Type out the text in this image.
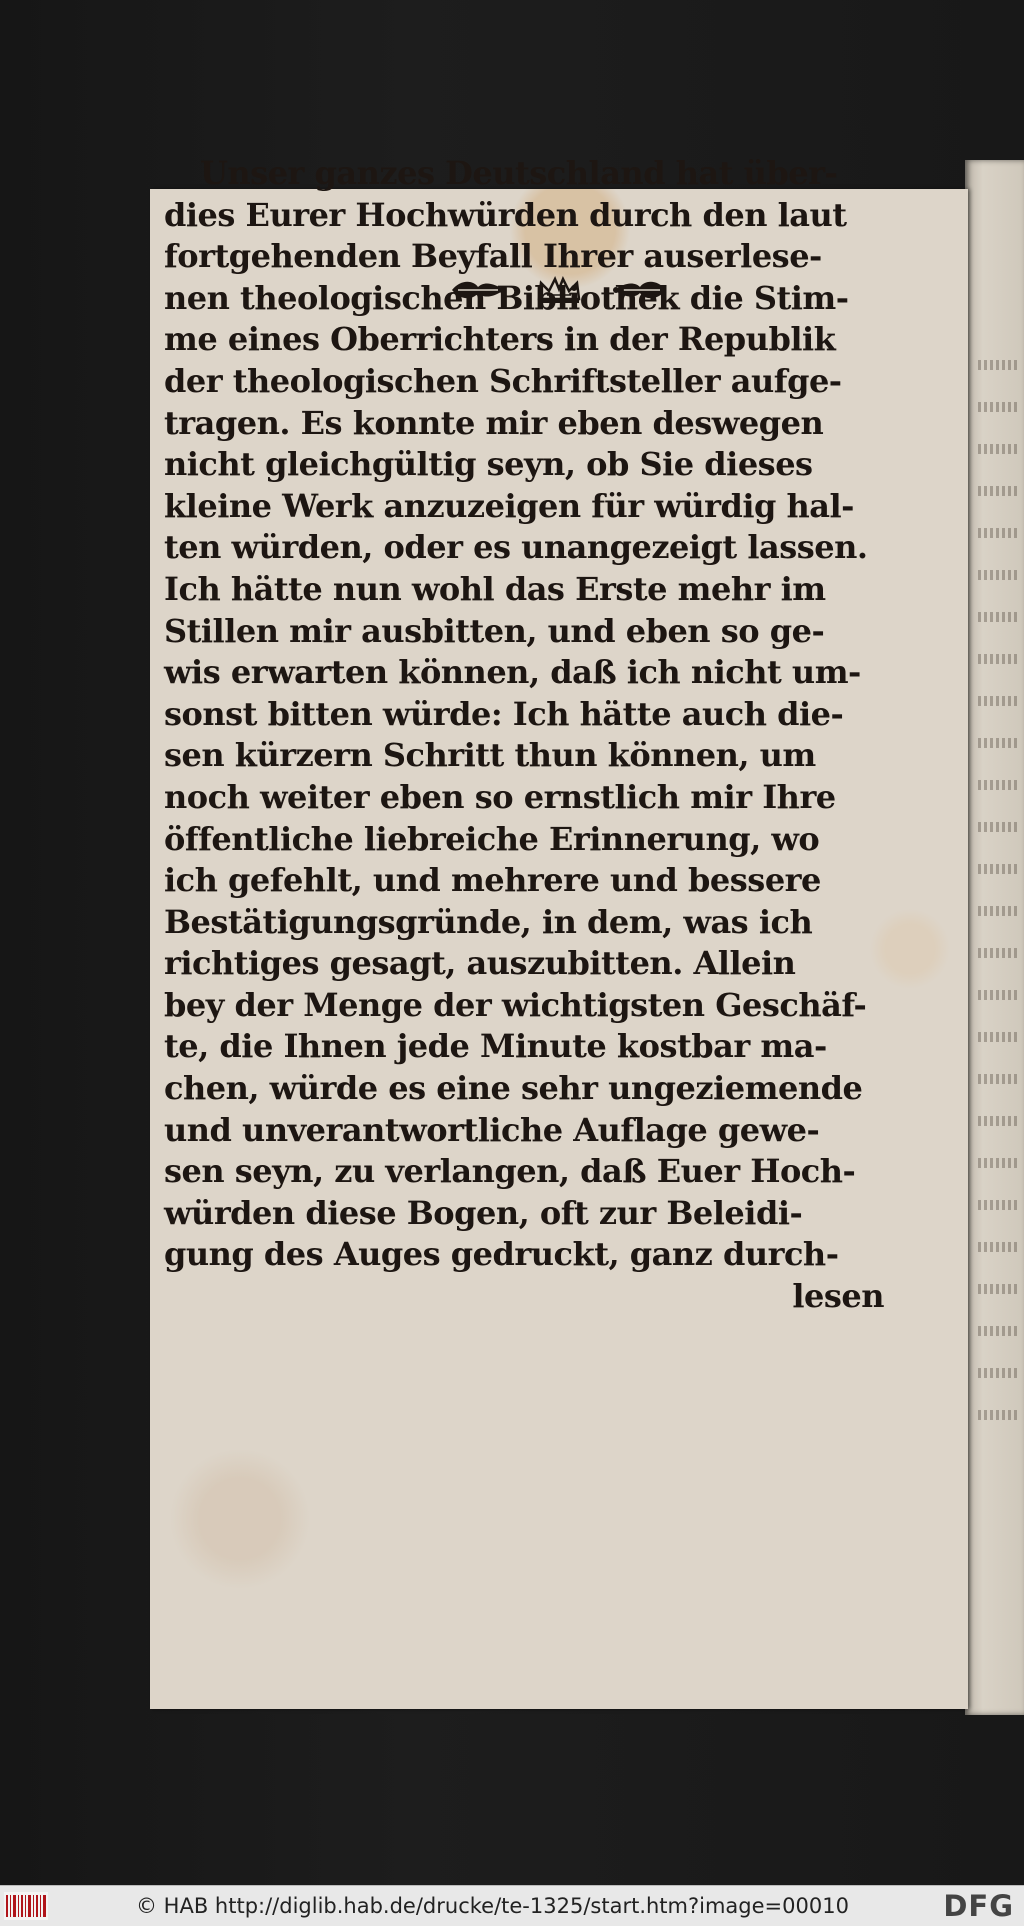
Unser ganzes Deutschland hat über-
dies Eurer Hochwürden durch den laut
fortgehenden Beyfall Ihrer auserlese-
nen theologischen Bibliothek die Stim-
me eines Oberrichters in der Republik
der theologischen Schriftsteller aufge-
tragen. Es konnte mir eben deswegen
nicht gleichgültig seyn, ob Sie dieses
kleine Werk anzuzeigen für würdig hal-
ten würden, oder es unangezeigt lassen.
Ich hätte nun wohl das Erste mehr im
Stillen mir ausbitten, und eben so ge-
wis erwarten können, daß ich nicht um-
sonst bitten würde: Ich hätte auch die-
sen kürzern Schritt thun können, um
noch weiter eben so ernstlich mir Ihre
öffentliche liebreiche Erinnerung, wo
ich gefehlt, und mehrere und bessere
Bestätigungsgründe, in dem, was ich
richtiges gesagt, auszubitten. Allein
bey der Menge der wichtigsten Geschäf-
te, die Ihnen jede Minute kostbar ma-
chen, würde es eine sehr ungeziemende
und unverantwortliche Auflage gewe-
sen seyn, zu verlangen, daß Euer Hoch-
würden diese Bogen, oft zur Beleidi-
gung des Auges gedruckt, ganz durch-
lesen
© HAB http://diglib.hab.de/drucke/te-1325/start.htm?image=00010	DFG
